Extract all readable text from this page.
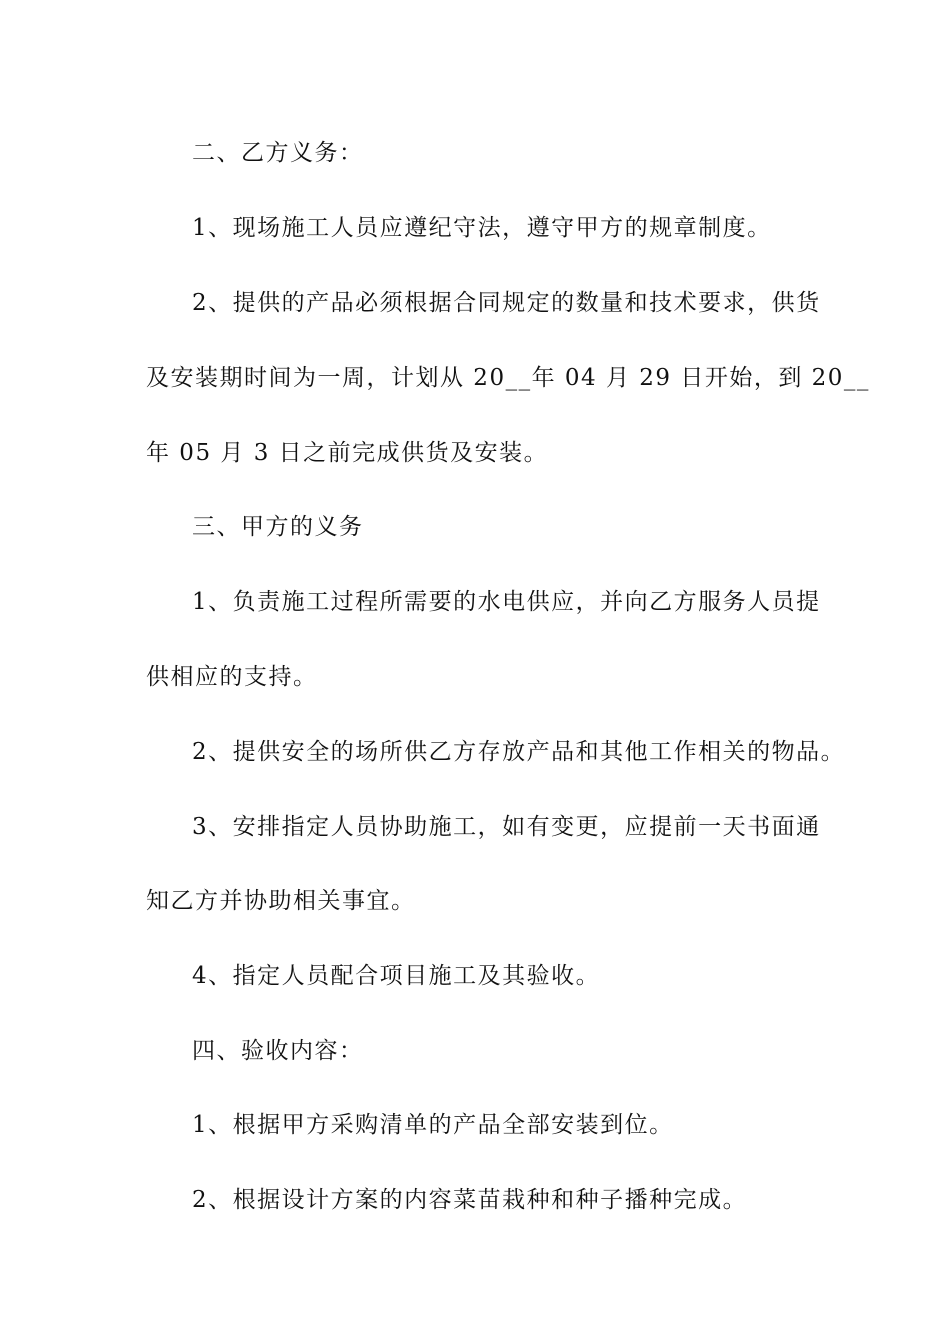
二、乙方义务：
1、现场施工人员应遵纪守法，遵守甲方的规章制度。
2、提供的产品必须根据合同规定的数量和技术要求，供货
及安装期时间为一周，计划从 20__年 04 月 29 日开始，到 20__
年 05 月 3 日之前完成供货及安装。
三、甲方的义务
1、负责施工过程所需要的水电供应，并向乙方服务人员提
供相应的支持。
2、提供安全的场所供乙方存放产品和其他工作相关的物品。
3、安排指定人员协助施工，如有变更，应提前一天书面通
知乙方并协助相关事宜。
4、指定人员配合项目施工及其验收。
四、验收内容：
1、根据甲方采购清单的产品全部安装到位。
2、根据设计方案的内容菜苗栽种和种子播种完成。
